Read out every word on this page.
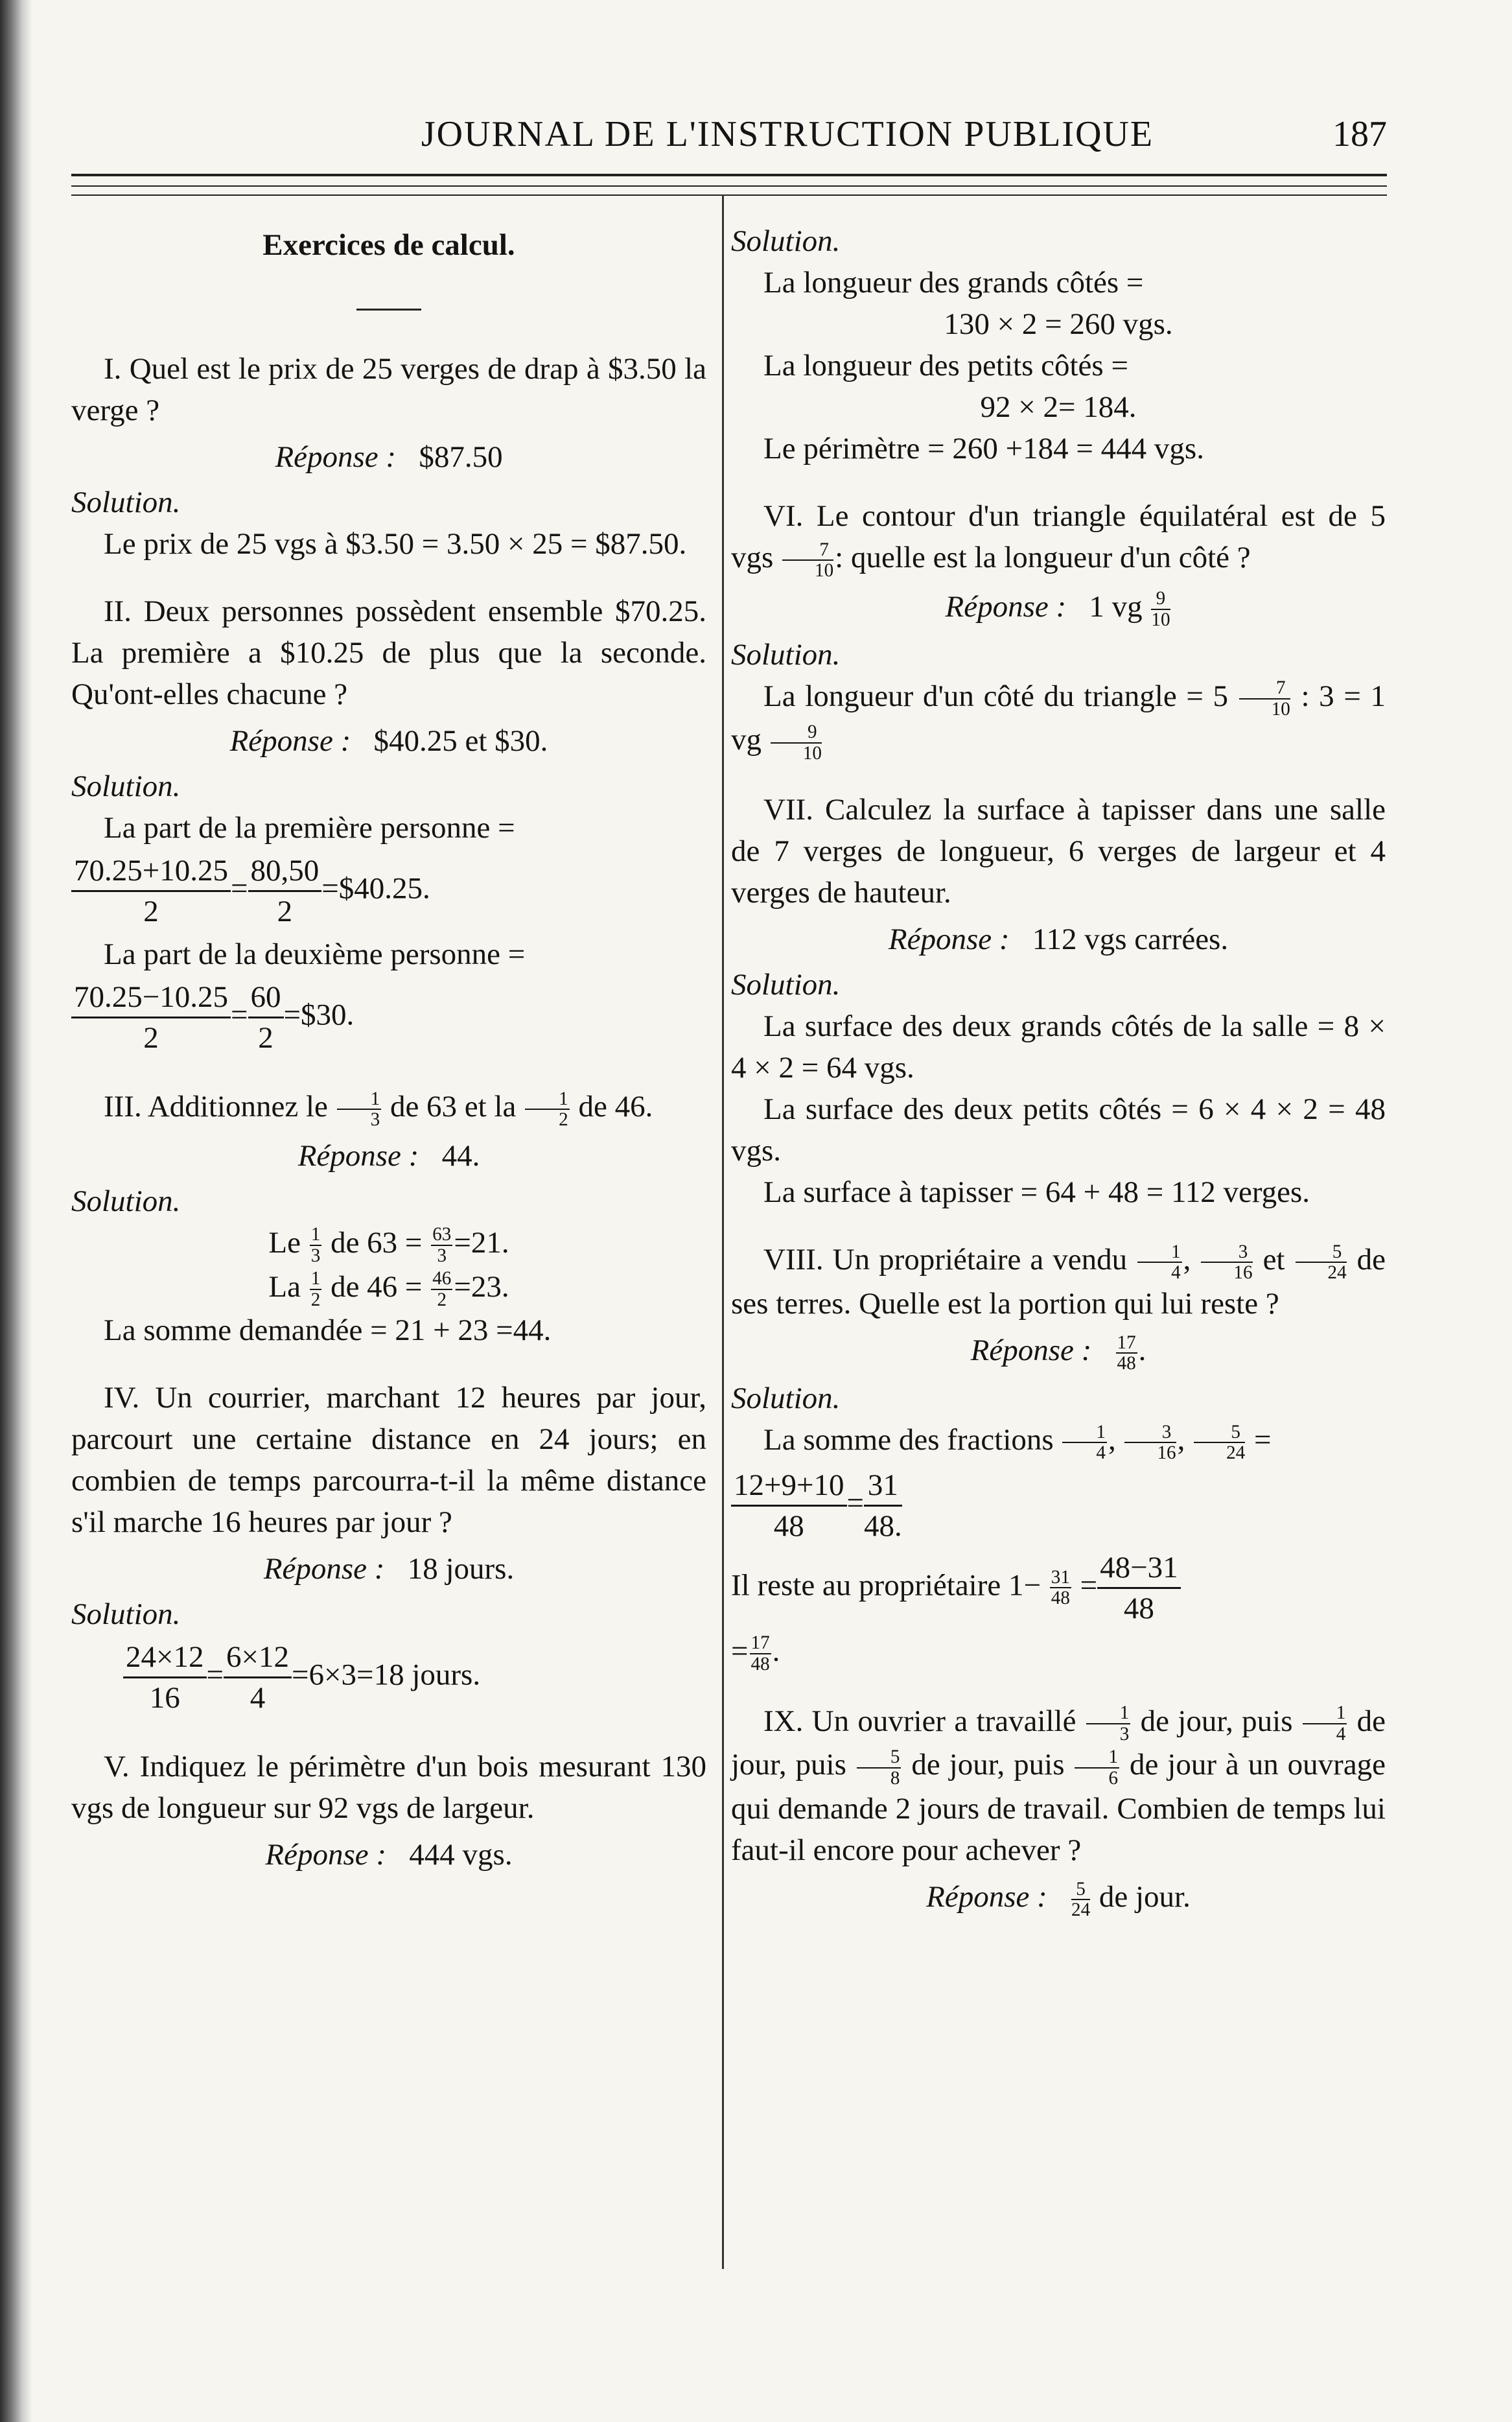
JOURNAL DE L'INSTRUCTION PUBLIQUE	187
Exercices de calcul.

I. Quel est le prix de 25 verges de drap à $3.50 la verge ?

Réponse : $87.50

Solution.

Le prix de 25 vgs à $3.50 = 3.50 × 25 = $87.50.

II. Deux personnes possèdent ensemble $70.25. La première a $10.25 de plus que la seconde. Qu'ont-elles chacune ?

Réponse : $40.25 et $30.

Solution.

La part de la première personne =

$\frac{70.25+10.25}{2} = \frac{80,50}{2}$ =$40.25.

La part de la deuxième personne =

$\frac{70.25-10.25}{2} = \frac{60}{2}$ =$30.

III. Additionnez le $\frac{1}{3}$ de 63 et la $\frac{1}{2}$ de 46.

Réponse : 44.

Solution.

Le $\frac{1}{3}$ de $63 = \frac{63}{3} =21$.

La $\frac{1}{2}$ de $46 = \frac{46}{2} =23$.

La somme demandée = 21 + 23 =44.

IV. Un courrier, marchant 12 heures par jour, parcourt une certaine distance en 24 jours; en combien de temps parcourra-t-il la même distance s'il marche 16 heures par jour ?

Réponse : 18 jours.

Solution.

$\frac{24\times 12}{16} = \frac{6\times 12}{4} =6\times 3=18$ jours.

V. Indiquez le périmètre d'un bois mesurant 130 vgs de longueur sur 92 vgs de largeur.

Réponse : 444 vgs.

Solution.

La longueur des grands côtés =

130 × 2 = 260 vgs.

La longueur des petits côtés =

92 × 2= 184.

Le périmètre = 260 +184 = 444 vgs.

VI. Le contour d'un triangle équilatéral est de 5 vgs $\frac{7}{10}$ : quelle est la longueur d'un côté ?

Réponse : 1 vg $\frac{9}{10}$

Solution.

La longueur d'un côté du triangle = $5 \frac{7}{10}$ : 3 = 1 vg $\frac{9}{10}$

VII. Calculez la surface à tapisser dans une salle de 7 verges de longueur, 6 verges de largeur et 4 verges de hauteur.

Réponse : 112 vgs carrées.

Solution.

La surface des deux grands côtés de la salle = 8 × 4 × 2 = 64 vgs.

La surface des deux petits côtés = 6 × 4 × 2 = 48 vgs.

La surface à tapisser = 64 + 48 = 112 verges.

VIII. Un propriétaire a vendu $\frac{1}{4}$ , $\frac{3}{16}$ et $\frac{5}{24}$ de ses terres. Quelle est la portion qui lui reste ?

Réponse : $\frac{17}{48}$ .

Solution.

La somme des fractions $\frac{1}{4}$ , $\frac{3}{16}$ , $\frac{5}{24}$ =

$\frac{12+9+10}{48} = \frac{31}{48.}$
Il reste au propriétaire $1- \frac{31}{48} = \frac{48-31}{48}$

= $\frac{17}{48}$ .

IX. Un ouvrier a travaillé $\frac{1}{3}$ de jour, puis $\frac{1}{4}$ de jour, puis $\frac{5}{8}$ de jour, puis $\frac{1}{6}$ de jour à un ouvrage qui demande 2 jours de travail. Combien de temps lui faut-il encore pour achever ?

Réponse : $\frac{5}{24}$ de jour.
